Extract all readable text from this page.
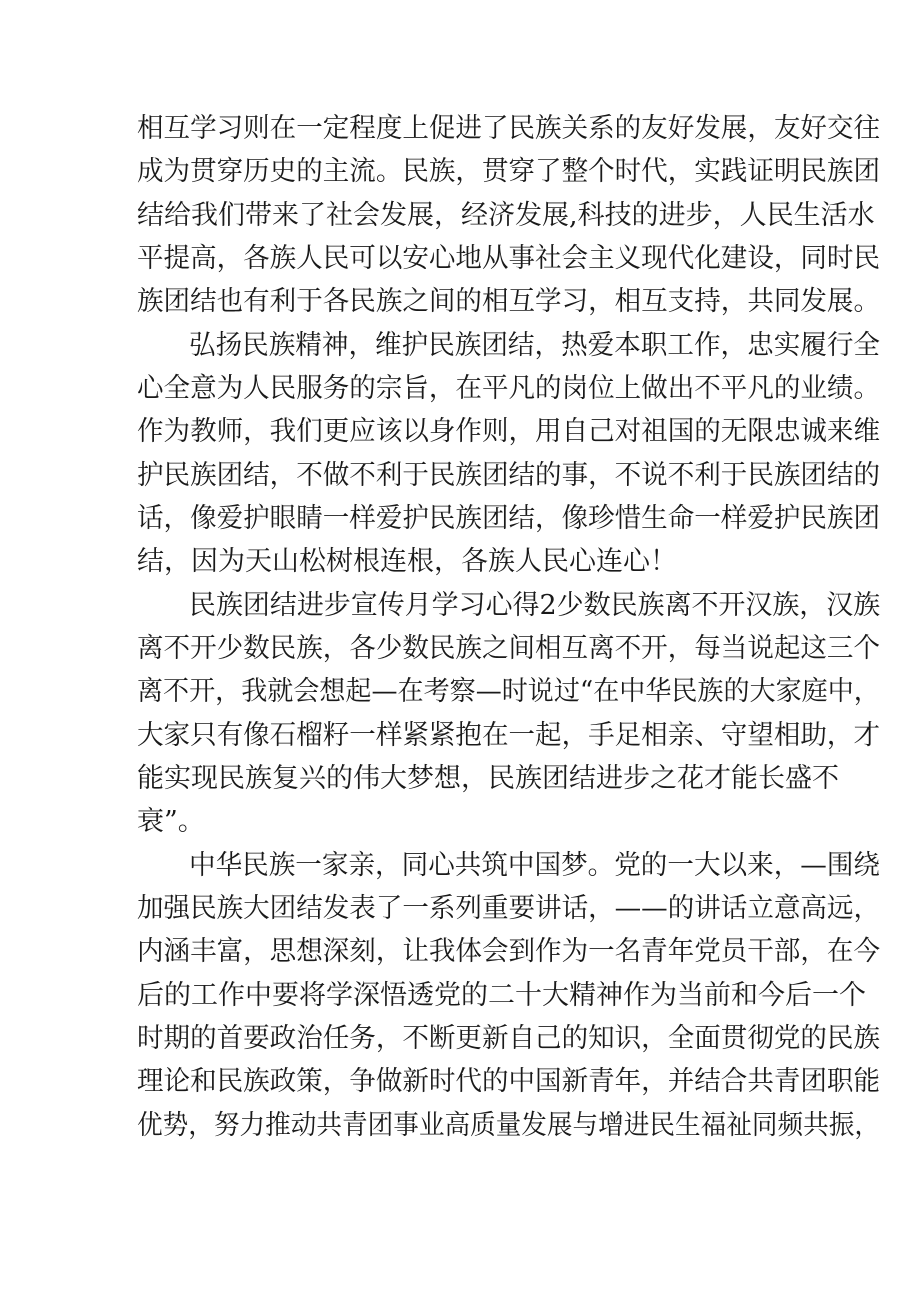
相互学习则在一定程度上促进了民族关系的友好发展，友好交往
成为贯穿历史的主流。民族，贯穿了整个时代，实践证明民族团
结给我们带来了社会发展，经济发展,科技的进步，人民生活水
平提高，各族人民可以安心地从事社会主义现代化建设，同时民
族团结也有利于各民族之间的相互学习，相互支持，共同发展。
弘扬民族精神，维护民族团结，热爱本职工作，忠实履行全
心全意为人民服务的宗旨，在平凡的岗位上做出不平凡的业绩。
作为教师，我们更应该以身作则，用自己对祖国的无限忠诚来维
护民族团结，不做不利于民族团结的事，不说不利于民族团结的
话，像爱护眼睛一样爱护民族团结，像珍惜生命一样爱护民族团
结，因为天山松树根连根，各族人民心连心！
民族团结进步宣传月学习心得2少数民族离不开汉族，汉族
离不开少数民族，各少数民族之间相互离不开，每当说起这三个
离不开，我就会想起—在考察—时说过“在中华民族的大家庭中，
大家只有像石榴籽一样紧紧抱在一起，手足相亲、守望相助，才
能实现民族复兴的伟大梦想，民族团结进步之花才能长盛不
衰”。
中华民族一家亲，同心共筑中国梦。党的一大以来，—围绕
加强民族大团结发表了一系列重要讲话，——的讲话立意高远，
内涵丰富，思想深刻，让我体会到作为一名青年党员干部，在今
后的工作中要将学深悟透党的二十大精神作为当前和今后一个
时期的首要政治任务，不断更新自己的知识，全面贯彻党的民族
理论和民族政策，争做新时代的中国新青年，并结合共青团职能
优势，努力推动共青团事业高质量发展与增进民生福祉同频共振，
